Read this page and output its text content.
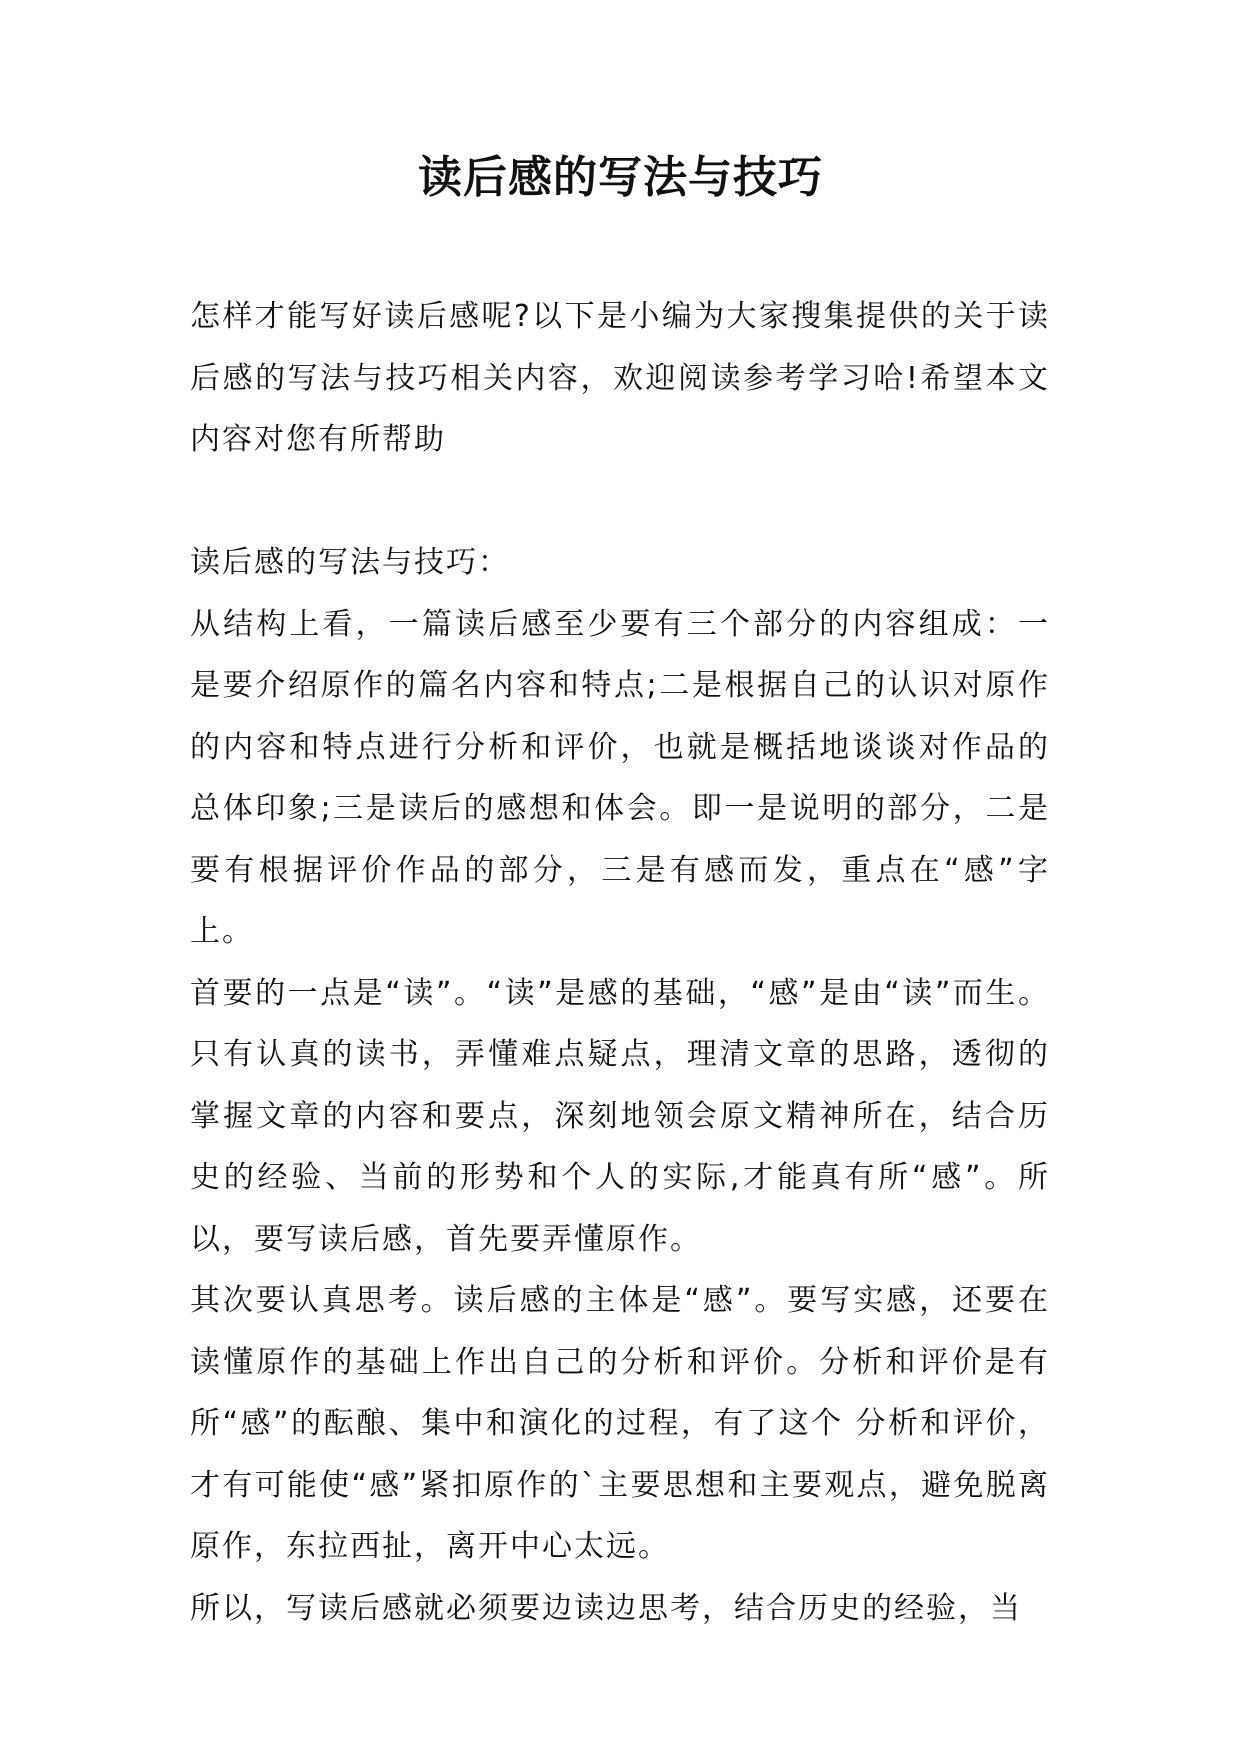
读后感的写法与技巧

怎样才能写好读后感呢?以下是小编为大家搜集提供的关于读后感的写法与技巧相关内容，欢迎阅读参考学习哈!希望本文内容对您有所帮助

读后感的写法与技巧：

从结构上看，一篇读后感至少要有三个部分的内容组成：一是要介绍原作的篇名内容和特点;二是根据自己的认识对原作的内容和特点进行分析和评价，也就是概括地谈谈对作品的总体印象;三是读后的感想和体会。即一是说明的部分，二是要有根据评价作品的部分，三是有感而发，重点在“感”字上。

首要的一点是“读”。“读”是感的基础，“感”是由“读”而生。只有认真的读书，弄懂难点疑点，理清文章的思路，透彻的掌握文章的内容和要点，深刻地领会原文精神所在，结合历史的经验、当前的形势和个人的实际,才能真有所“感”。所以，要写读后感，首先要弄懂原作。

其次要认真思考。读后感的主体是“感”。要写实感，还要在读懂原作的基础上作出自己的分析和评价。分析和评价是有所“感”的酝酿、集中和演化的过程，有了这个 分析和评价，才有可能使“感”紧扣原作的`主要思想和主要观点，避免脱离原作，东拉西扯，离开中心太远。

所以，写读后感就必须要边读边思考，结合历史的经验，当
